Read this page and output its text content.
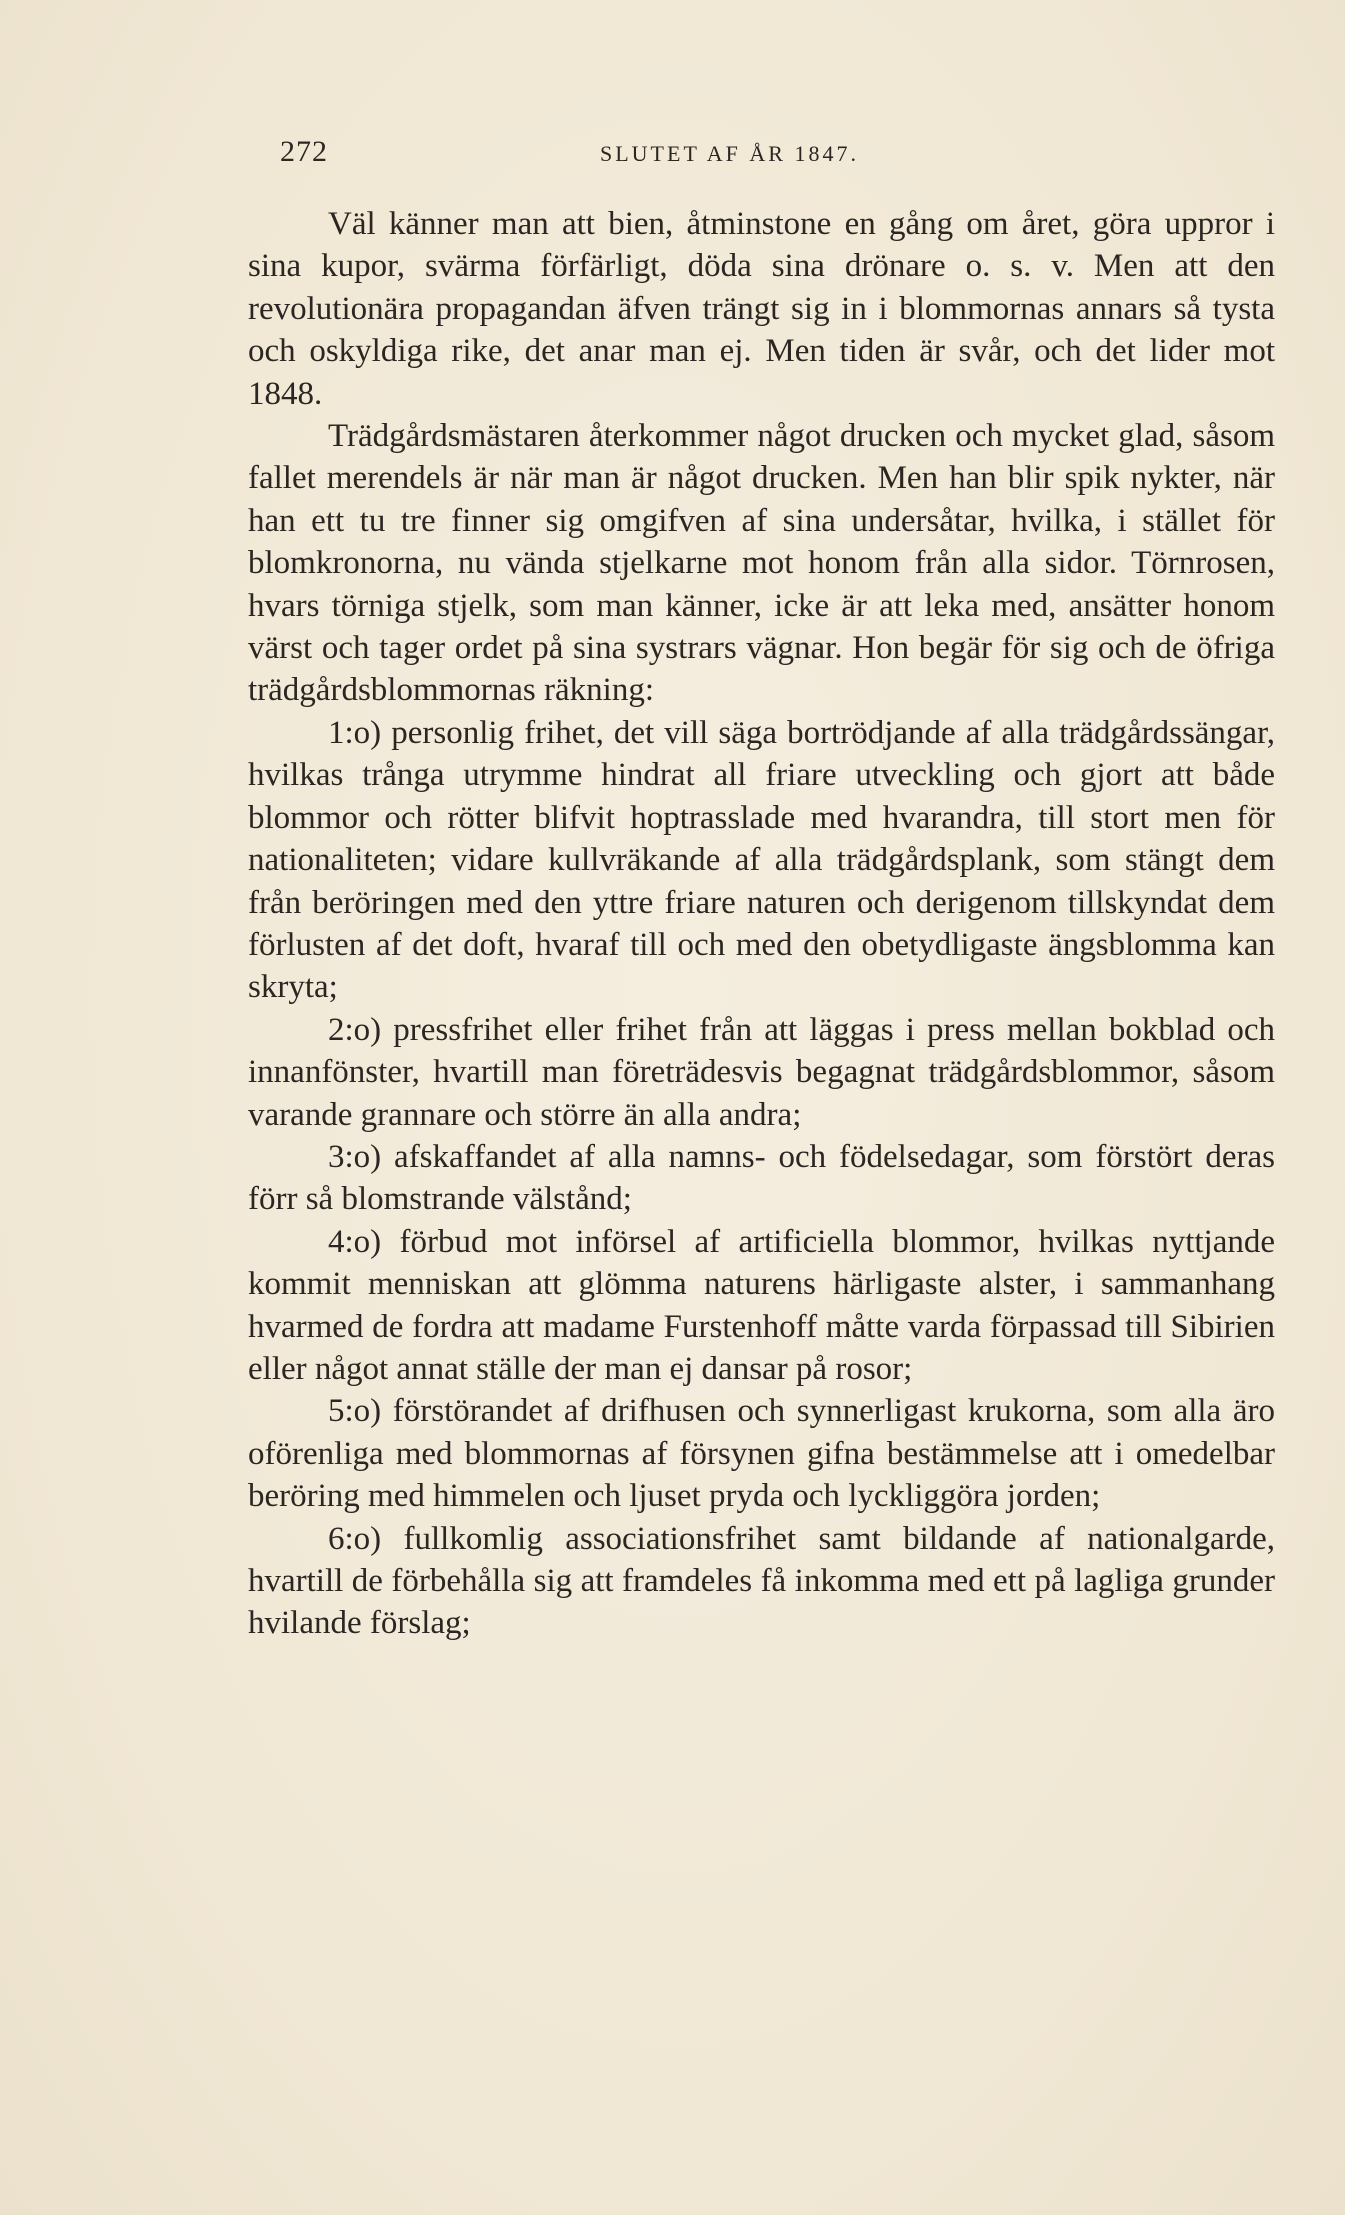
272	SLUTET AF ÅR 1847.

Väl känner man att bien, åtminstone en gång om året, göra uppror i sina kupor, svärma förfärligt, döda sina drönare o. s. v. Men att den revolutionära propagandan äfven trängt sig in i blommornas annars så tysta och oskyldiga rike, det anar man ej. Men tiden är svår, och det lider mot 1848.

Trädgårdsmästaren återkommer något drucken och mycket glad, såsom fallet merendels är när man är något drucken. Men han blir spik nykter, när han ett tu tre finner sig omgifven af sina undersåtar, hvilka, i stället för blomkronorna, nu vända stjelkarne mot honom från alla sidor. Törnrosen, hvars törniga stjelk, som man känner, icke är att leka med, ansätter honom värst och tager ordet på sina systrars vägnar. Hon begär för sig och de öfriga trädgårdsblommornas räkning:

1:o) personlig frihet, det vill säga bortrödjande af alla trädgårdssängar, hvilkas trånga utrymme hindrat all friare utveckling och gjort att både blommor och rötter blifvit hoptrasslade med hvarandra, till stort men för nationaliteten; vidare kullvräkande af alla trädgårdsplank, som stängt dem från beröringen med den yttre friare naturen och derigenom tillskyndat dem förlusten af det doft, hvaraf till och med den obetydligaste ängsblomma kan skryta;

2:o) pressfrihet eller frihet från att läggas i press mellan bokblad och innanfönster, hvartill man företrädesvis begagnat trädgårdsblommor, såsom varande grannare och större än alla andra;

3:o) afskaffandet af alla namns- och födelsedagar, som förstört deras förr så blomstrande välstånd;

4:o) förbud mot införsel af artificiella blommor, hvilkas nyttjande kommit menniskan att glömma naturens härligaste alster, i sammanhang hvarmed de fordra att madame Furstenhoff måtte varda förpassad till Sibirien eller något annat ställe der man ej dansar på rosor;

5:o) förstörandet af drifhusen och synnerligast krukorna, som alla äro oförenliga med blommornas af försynen gifna bestämmelse att i omedelbar beröring med himmelen och ljuset pryda och lyckliggöra jorden;

6:o) fullkomlig associationsfrihet samt bildande af nationalgarde, hvartill de förbehålla sig att framdeles få inkomma med ett på lagliga grunder hvilande förslag;
